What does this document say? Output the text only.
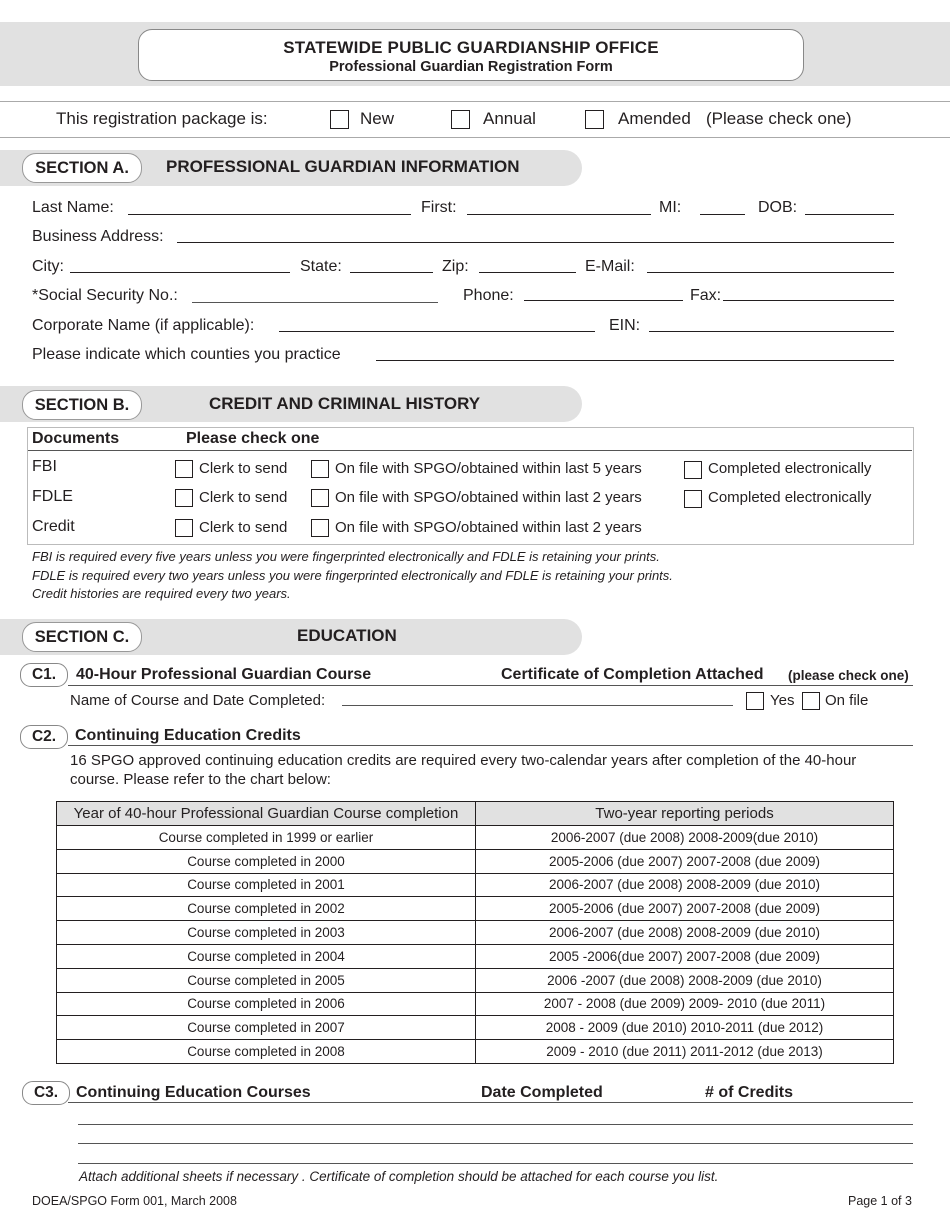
STATEWIDE PUBLIC GUARDIANSHIP OFFICE
Professional Guardian Registration Form
This registration package is:	New	Annual	Amended (Please check one)
SECTION A.	PROFESSIONAL GUARDIAN INFORMATION
Last Name:	First:	MI:	DOB:
Business Address:
City:	State:	Zip:	E-Mail:
*Social Security No.:	Phone:	Fax:
Corporate Name (if applicable):	EIN:
Please indicate which counties you practice
SECTION B.	CREDIT AND CRIMINAL HISTORY
Documents	Please check one
FBI	Clerk to send	On file with SPGO/obtained within last 5 years	Completed electronically
FDLE	Clerk to send	On file with SPGO/obtained within last 2 years	Completed electronically
Credit	Clerk to send	On file with SPGO/obtained within last 2 years
FBI is required every five years unless you were fingerprinted electronically and FDLE is retaining your prints.
FDLE is required every two years unless you were fingerprinted electronically and FDLE is retaining your prints.
Credit histories are required every two years.
SECTION C.	EDUCATION
C1.	40-Hour Professional Guardian Course	Certificate of Completion Attached (please check one)
Name of Course and Date Completed:	Yes On file
C2.	Continuing Education Credits
16 SPGO approved continuing education credits are required every two-calendar years after completion of the 40-hour course. Please refer to the chart below:
Year of 40-hour Professional Guardian Course completion	Two-year reporting periods
Course completed in 1999 or earlier	2006-2007 (due 2008) 2008-2009(due 2010)
Course completed in 2000	2005-2006 (due 2007) 2007-2008 (due 2009)
Course completed in 2001	2006-2007 (due 2008) 2008-2009 (due 2010)
Course completed in 2002	2005-2006 (due 2007) 2007-2008 (due 2009)
Course completed in 2003	2006-2007 (due 2008) 2008-2009 (due 2010)
Course completed in 2004	2005 -2006(due 2007) 2007-2008 (due 2009)
Course completed in 2005	2006 -2007 (due 2008) 2008-2009 (due 2010)
Course completed in 2006	2007 - 2008 (due 2009) 2009- 2010 (due 2011)
Course completed in 2007	2008 - 2009 (due 2010) 2010-2011 (due 2012)
Course completed in 2008	2009 - 2010 (due 2011) 2011-2012 (due 2013)
C3.	Continuing Education Courses	Date Completed	# of Credits
Attach additional sheets if necessary . Certificate of completion should be attached for each course you list.
DOEA/SPGO Form 001, March 2008	Page 1 of 3
